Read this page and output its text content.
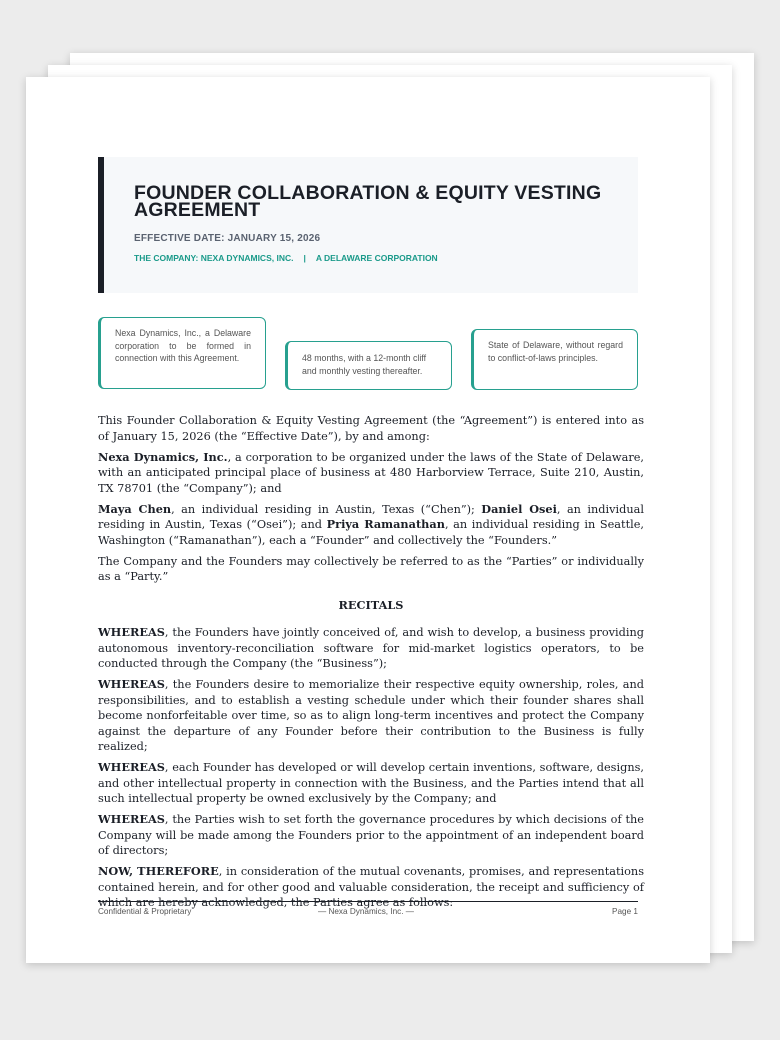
FOUNDER COLLABORATION & EQUITY VESTING AGREEMENT
EFFECTIVE DATE: JANUARY 15, 2026
THE COMPANY: NEXA DYNAMICS, INC. | A DELAWARE CORPORATION
Nexa Dynamics, Inc., a Delaware corporation to be formed in connection with this Agreement.	48 months, with a 12-month cliff and monthly vesting thereafter.
State of Delaware, without regard to conflict-of-laws principles.

This Founder Collaboration & Equity Vesting Agreement (the “Agreement”) is entered into as of January 15, 2026 (the “Effective Date”), by and among:

Nexa Dynamics, Inc., a corporation to be organized under the laws of the State of Delaware, with an anticipated principal place of business at 480 Harborview Terrace, Suite 210, Austin, TX 78701 (the “Company”); and

Maya Chen, an individual residing in Austin, Texas (“Chen”); Daniel Osei, an individual residing in Austin, Texas (“Osei”); and Priya Ramanathan, an individual residing in Seattle, Washington (“Ramanathan”), each a “Founder” and collectively the “Founders.”

The Company and the Founders may collectively be referred to as the “Parties” or individually as a “Party.”

RECITALS

WHEREAS, the Founders have jointly conceived of, and wish to develop, a business providing autonomous inventory-reconciliation software for mid-market logistics operators, to be conducted through the Company (the “Business”);

WHEREAS, the Founders desire to memorialize their respective equity ownership, roles, and responsibilities, and to establish a vesting schedule under which their founder shares shall become nonforfeitable over time, so as to align long-term incentives and protect the Company against the departure of any Founder before their contribution to the Business is fully realized;

WHEREAS, each Founder has developed or will develop certain inventions, software, designs, and other intellectual property in connection with the Business, and the Parties intend that all such intellectual property be owned exclusively by the Company; and

WHEREAS, the Parties wish to set forth the governance procedures by which decisions of the Company will be made among the Founders prior to the appointment of an independent board of directors;

NOW, THEREFORE, in consideration of the mutual covenants, promises, and representations contained herein, and for other good and valuable consideration, the receipt and sufficiency of which are hereby acknowledged, the Parties agree as follows:

Confidential & Proprietary	— Nexa Dynamics, Inc. —	Page 1
